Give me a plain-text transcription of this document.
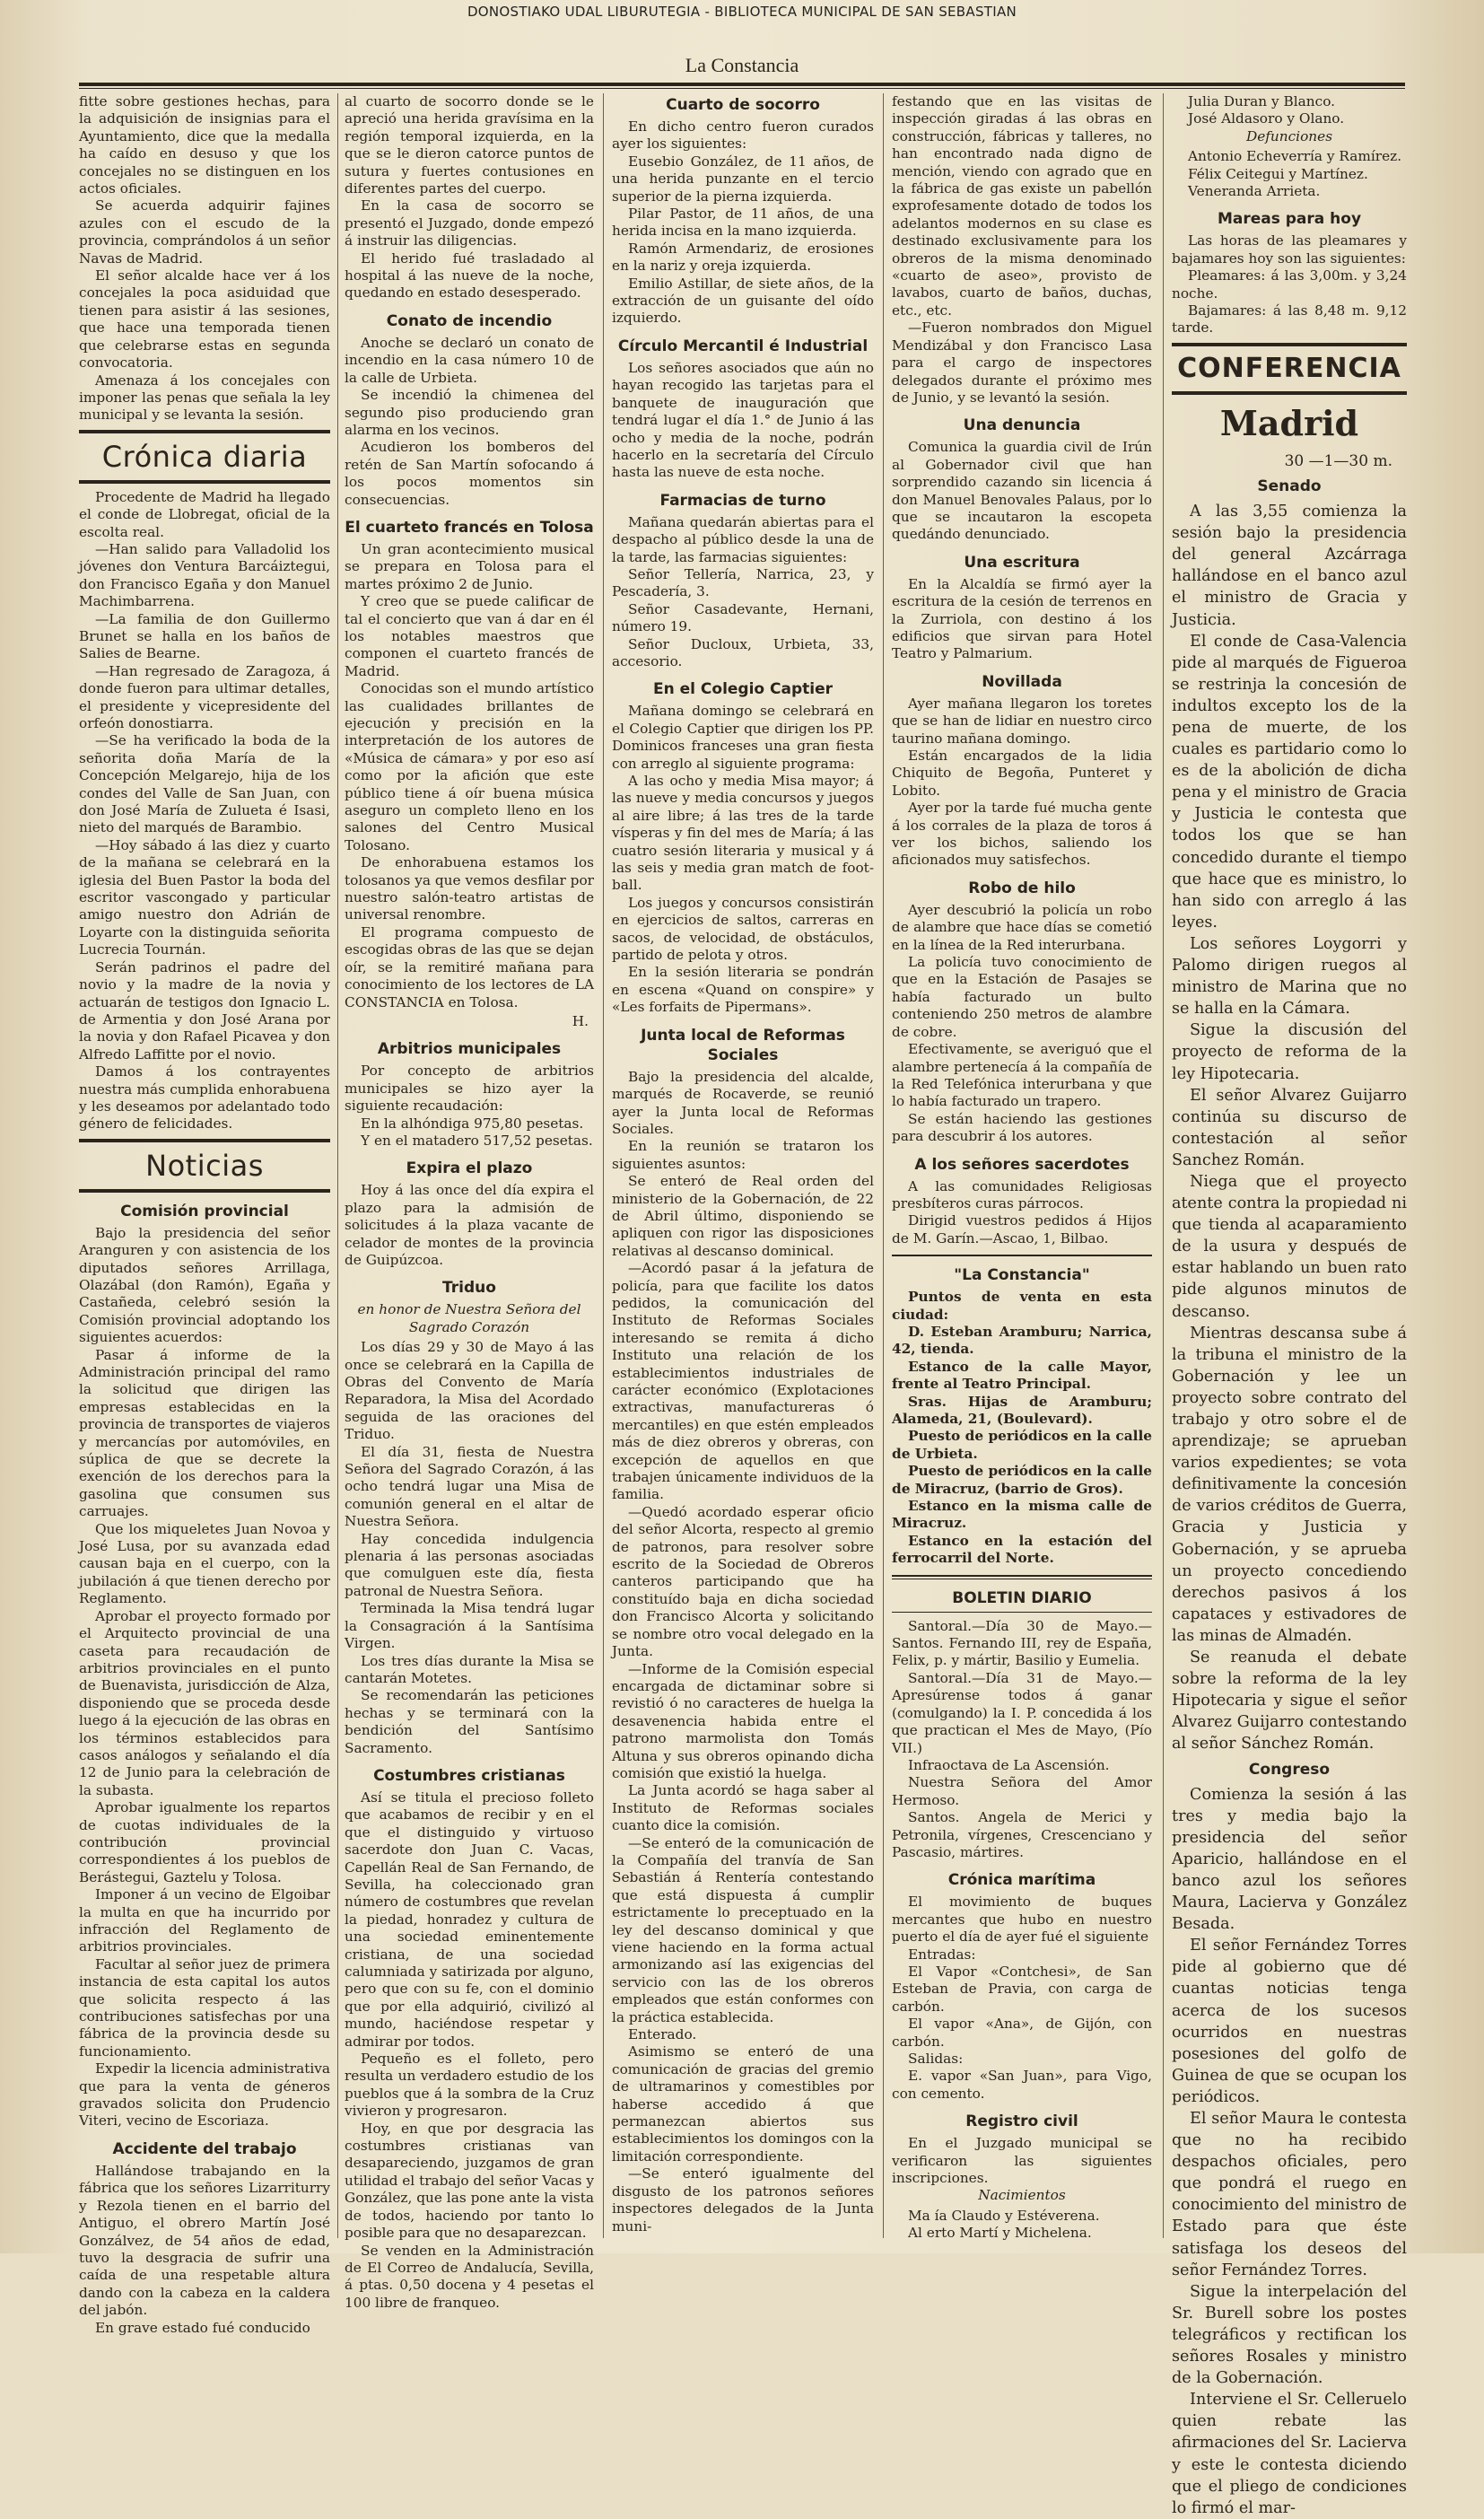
DONOSTIAKO UDAL LIBURUTEGIA - BIBLIOTECA MUNICIPAL DE SAN SEBASTIAN
La Constancia

fitte sobre gestiones hechas, para la adquisición de insignias para el Ayuntamiento, dice que la medalla ha caído en desuso y que los concejales no se distinguen en los actos oficiales.

Se acuerda adquirir fajines azules con el escudo de la provincia, comprándolos á un señor Navas de Madrid.

El señor alcalde hace ver á los concejales la poca asiduidad que tienen para asistir á las sesiones, que hace una temporada tienen que celebrarse estas en segunda convocatoria.

Amenaza á los concejales con imponer las penas que señala la ley municipal y se levanta la sesión.

Crónica diaria

Procedente de Madrid ha llegado el conde de Llobregat, oficial de la escolta real.

—Han salido para Valladolid los jóvenes don Ventura Barcáiztegui, don Francisco Egaña y don Manuel Machimbarrena.

—La familia de don Guillermo Brunet se halla en los baños de Salies de Bearne.

—Han regresado de Zaragoza, á donde fueron para ultimar detalles, el presidente y vicepresidente del orfeón donostiarra.

—Se ha verificado la boda de la señorita doña María de la Concepción Melgarejo, hija de los condes del Valle de San Juan, con don José María de Zulueta é Isasi, nieto del marqués de Barambio.

—Hoy sábado á las diez y cuarto de la mañana se celebrará en la iglesia del Buen Pastor la boda del escritor vascongado y particular amigo nuestro don Adrián de Loyarte con la distinguida señorita Lucrecia Tournán.

Serán padrinos el padre del novio y la madre de la novia y actuarán de testigos don Ignacio L. de Armentia y don José Arana por la novia y don Rafael Picavea y don Alfredo Laffitte por el novio.

Damos á los contrayentes nuestra más cumplida enhorabuena y les deseamos por adelantado todo género de felicidades.

Noticias
Comisión provincial

Bajo la presidencia del señor Aranguren y con asistencia de los diputados señores Arrillaga, Olazábal (don Ramón), Egaña y Castañeda, celebró sesión la Comisión provincial adoptando los siguientes acuerdos:

Pasar á informe de la Administración principal del ramo la solicitud que dirigen las empresas establecidas en la provincia de transportes de viajeros y mercancías por automóviles, en súplica de que se decrete la exención de los derechos para la gasolina que consumen sus carruajes.

Que los miqueletes Juan Novoa y José Lusa, por su avanzada edad causan baja en el cuerpo, con la jubilación á que tienen derecho por Reglamento.

Aprobar el proyecto formado por el Arquitecto provincial de una caseta para recaudación de arbitrios provinciales en el punto de Buenavista, jurisdicción de Alza, disponiendo que se proceda desde luego á la ejecución de las obras en los términos establecidos para casos análogos y señalando el día 12 de Junio para la celebración de la subasta.

Aprobar igualmente los repartos de cuotas individuales de la contribución provincial correspondientes á los pueblos de Berástegui, Gaztelu y Tolosa.

Imponer á un vecino de Elgoibar la multa en que ha incurrido por infracción del Reglamento de arbitrios provinciales.

Facultar al señor juez de primera instancia de esta capital los autos que solicita respecto á las contribuciones satisfechas por una fábrica de la provincia desde su funcionamiento.

Expedir la licencia administrativa que para la venta de géneros gravados solicita don Prudencio Viteri, vecino de Escoriaza.

Accidente del trabajo

Hallándose trabajando en la fábrica que los señores Lizarriturry y Rezola tienen en el barrio del Antiguo, el obrero Martín José Gonzálvez, de 54 años de edad, tuvo la desgracia de sufrir una caída de una respetable altura dando con la cabeza en la caldera del jabón.

En grave estado fué conducido

al cuarto de socorro donde se le apreció una herida gravísima en la región temporal izquierda, en la que se le dieron catorce puntos de sutura y fuertes contusiones en diferentes partes del cuerpo.

En la casa de socorro se presentó el Juzgado, donde empezó á instruir las diligencias.

El herido fué trasladado al hospital á las nueve de la noche, quedando en estado desesperado.

Conato de incendio

Anoche se declaró un conato de incendio en la casa número 10 de la calle de Urbieta.

Se incendió la chimenea del segundo piso produciendo gran alarma en los vecinos.

Acudieron los bomberos del retén de San Martín sofocando á los pocos momentos sin consecuencias.

El cuarteto francés en Tolosa

Un gran acontecimiento musical se prepara en Tolosa para el martes próximo 2 de Junio.

Y creo que se puede calificar de tal el concierto que van á dar en él los notables maestros que componen el cuarteto francés de Madrid.

Conocidas son el mundo artístico las cualidades brillantes de ejecución y precisión en la interpretación de los autores de «Música de cámara» y por eso así como por la afición que este público tiene á oír buena música aseguro un completo lleno en los salones del Centro Musical Tolosano.

De enhorabuena estamos los tolosanos ya que vemos desfilar por nuestro salón-teatro artistas de universal renombre.

El programa compuesto de escogidas obras de las que se dejan oír, se la remitiré mañana para conocimiento de los lectores de LA CONSTANCIA en Tolosa.

H.
Arbitrios municipales

Por concepto de arbitrios municipales se hizo ayer la siguiente recaudación:

En la alhóndiga 975,80 pesetas.

Y en el matadero 517,52 pesetas.

Expira el plazo

Hoy á las once del día expira el plazo para la admisión de solicitudes á la plaza vacante de celador de montes de la provincia de Guipúzcoa.

Triduo
en honor de Nuestra Señora del Sagrado Corazón

Los días 29 y 30 de Mayo á las once se celebrará en la Capilla de Obras del Convento de María Reparadora, la Misa del Acordado seguida de las oraciones del Triduo.

El día 31, fiesta de Nuestra Señora del Sagrado Corazón, á las ocho tendrá lugar una Misa de comunión general en el altar de Nuestra Señora.

Hay concedida indulgencia plenaria á las personas asociadas que comulguen este día, fiesta patronal de Nuestra Señora.

Terminada la Misa tendrá lugar la Consagración á la Santísima Virgen.

Los tres días durante la Misa se cantarán Motetes.

Se recomendarán las peticiones hechas y se terminará con la bendición del Santísimo Sacramento.

Costumbres cristianas

Así se titula el precioso folleto que acabamos de recibir y en el que el distinguido y virtuoso sacerdote don Juan C. Vacas, Capellán Real de San Fernando, de Sevilla, ha coleccionado gran número de costumbres que revelan la piedad, honradez y cultura de una sociedad eminentemente cristiana, de una sociedad calumniada y satirizada por alguno, pero que con su fe, con el dominio que por ella adquirió, civilizó al mundo, haciéndose respetar y admirar por todos.

Pequeño es el folleto, pero resulta un verdadero estudio de los pueblos que á la sombra de la Cruz vivieron y progresaron.

Hoy, en que por desgracia las costumbres cristianas van desapareciendo, juzgamos de gran utilidad el trabajo del señor Vacas y González, que las pone ante la vista de todos, haciendo por tanto lo posible para que no desaparezcan.

Se venden en la Administración de El Correo de Andalucía, Sevilla, á ptas. 0,50 docena y 4 pesetas el 100 libre de franqueo.

Cuarto de socorro

En dicho centro fueron curados ayer los siguientes:

Eusebio González, de 11 años, de una herida punzante en el tercio superior de la pierna izquierda.

Pilar Pastor, de 11 años, de una herida incisa en la mano izquierda.

Ramón Armendariz, de erosiones en la nariz y oreja izquierda.

Emilio Astillar, de siete años, de la extracción de un guisante del oído izquierdo.

Círculo Mercantil é Industrial

Los señores asociados que aún no hayan recogido las tarjetas para el banquete de inauguración que tendrá lugar el día 1.° de Junio á las ocho y media de la noche, podrán hacerlo en la secretaría del Círculo hasta las nueve de esta noche.

Farmacias de turno

Mañana quedarán abiertas para el despacho al público desde la una de la tarde, las farmacias siguientes:

Señor Tellería, Narrica, 23, y Pescadería, 3.

Señor Casadevante, Hernani, número 19.

Señor Ducloux, Urbieta, 33, accesorio.

En el Colegio Captier

Mañana domingo se celebrará en el Colegio Captier que dirigen los PP. Dominicos franceses una gran fiesta con arreglo al siguiente programa:

A las ocho y media Misa mayor; á las nueve y media concursos y juegos al aire libre; á las tres de la tarde vísperas y fin del mes de María; á las cuatro sesión literaria y musical y á las seis y media gran match de foot-ball.

Los juegos y concursos consistirán en ejercicios de saltos, carreras en sacos, de velocidad, de obstáculos, partido de pelota y otros.

En la sesión literaria se pondrán en escena «Quand on conspire» y «Les forfaits de Pipermans».

Junta local de Reformas Sociales

Bajo la presidencia del alcalde, marqués de Rocaverde, se reunió ayer la Junta local de Reformas Sociales.

En la reunión se trataron los siguientes asuntos:

Se enteró de Real orden del ministerio de la Gobernación, de 22 de Abril último, disponiendo se apliquen con rigor las disposiciones relativas al descanso dominical.

—Acordó pasar á la jefatura de policía, para que facilite los datos pedidos, la comunicación del Instituto de Reformas Sociales interesando se remita á dicho Instituto una relación de los establecimientos industriales de carácter económico (Explotaciones extractivas, manufactureras ó mercantiles) en que estén empleados más de diez obreros y obreras, con excepción de aquellos en que trabajen únicamente individuos de la familia.

—Quedó acordado esperar oficio del señor Alcorta, respecto al gremio de patronos, para resolver sobre escrito de la Sociedad de Obreros canteros participando que ha constituído baja en dicha sociedad don Francisco Alcorta y solicitando se nombre otro vocal delegado en la Junta.

—Informe de la Comisión especial encargada de dictaminar sobre si revistió ó no caracteres de huelga la desavenencia habida entre el patrono marmolista don Tomás Altuna y sus obreros opinando dicha comisión que existió la huelga.

La Junta acordó se haga saber al Instituto de Reformas sociales cuanto dice la comisión.

—Se enteró de la comunicación de la Compañía del tranvía de San Sebastián á Rentería contestando que está dispuesta á cumplir estrictamente lo preceptuado en la ley del descanso dominical y que viene haciendo en la forma actual armonizando así las exigencias del servicio con las de los obreros empleados que están conformes con la práctica establecida.

Enterado.

Asimismo se enteró de una comunicación de gracias del gremio de ultramarinos y comestibles por haberse accedido á que permanezcan abiertos sus establecimientos los domingos con la limitación correspondiente.

—Se enteró igualmente del disgusto de los patronos señores inspectores delegados de la Junta muni-

festando que en las visitas de inspección giradas á las obras en construcción, fábricas y talleres, no han encontrado nada digno de mención, viendo con agrado que en la fábrica de gas existe un pabellón exprofesamente dotado de todos los adelantos modernos en su clase es destinado exclusivamente para los obreros de la misma denominado «cuarto de aseo», provisto de lavabos, cuarto de baños, duchas, etc., etc.

—Fueron nombrados don Miguel Mendizábal y don Francisco Lasa para el cargo de inspectores delegados durante el próximo mes de Junio, y se levantó la sesión.

Una denuncia

Comunica la guardia civil de Irún al Gobernador civil que han sorprendido cazando sin licencia á don Manuel Benovales Palaus, por lo que se incautaron la escopeta quedándo denunciado.

Una escritura

En la Alcaldía se firmó ayer la escritura de la cesión de terrenos en la Zurriola, con destino á los edificios que sirvan para Hotel Teatro y Palmarium.

Novillada

Ayer mañana llegaron los toretes que se han de lidiar en nuestro circo taurino mañana domingo.

Están encargados de la lidia Chiquito de Begoña, Punteret y Lobito.

Ayer por la tarde fué mucha gente á los corrales de la plaza de toros á ver los bichos, saliendo los aficionados muy satisfechos.

Robo de hilo

Ayer descubrió la policía un robo de alambre que hace días se cometió en la línea de la Red interurbana.

La policía tuvo conocimiento de que en la Estación de Pasajes se había facturado un bulto conteniendo 250 metros de alambre de cobre.

Efectivamente, se averiguó que el alambre pertenecía á la compañía de la Red Telefónica interurbana y que lo había facturado un trapero.

Se están haciendo las gestiones para descubrir á los autores.

A los señores sacerdotes

A las comunidades Religiosas presbíteros curas párrocos.

Dirigid vuestros pedidos á Hijos de M. Garín.—Ascao, 1, Bilbao.

"La Constancia"

Puntos de venta en esta ciudad:

D. Esteban Aramburu; Narrica, 42, tienda.

Estanco de la calle Mayor, frente al Teatro Principal.

Sras. Hijas de Aramburu; Alameda, 21, (Boulevard).

Puesto de periódicos en la calle de Urbieta.

Puesto de periódicos en la calle de Miracruz, (barrio de Gros).

Estanco en la misma calle de Miracruz.

Estanco en la estación del ferrocarril del Norte.

BOLETIN DIARIO

Santoral.—Día 30 de Mayo.—Santos. Fernando III, rey de España, Felix, p. y mártir, Basilio y Eumelia.

Santoral.—Día 31 de Mayo.—Apresúrense todos á ganar (comulgando) la I. P. concedida á los que practican el Mes de Mayo, (Pío VII.)

Infraoctava de La Ascensión.

Nuestra Señora del Amor Hermoso.

Santos. Angela de Merici y Petronila, vírgenes, Crescenciano y Pascasio, mártires.

Crónica marítima

El movimiento de buques mercantes que hubo en nuestro puerto el día de ayer fué el siguiente

Entradas:

El Vapor «Contchesi», de San Esteban de Pravia, con carga de carbón.

El vapor «Ana», de Gijón, con carbón.

Salidas:

E. vapor «San Juan», para Vigo, con cemento.

Registro civil

En el Juzgado municipal se verificaron las siguientes inscripciones.

Nacimientos

Ma ía Claudo y Estéverena.

Al erto Martí y Michelena.

Julia Duran y Blanco.

José Aldasoro y Olano.

Defunciones

Antonio Echeverría y Ramírez.

Félix Ceitegui y Martínez.

Venerandа Arrieta.

Mareas para hoy

Las horas de las pleamares y bajamares hoy son las siguientes:

Pleamares: á las 3,00m. y 3,24 noche.

Bajamares: á las 8,48 m. 9,12 tarde.

CONFERENCIA
Madrid
30 —1—30 m.
Senado

A las 3,55 comienza la sesión bajo la presidencia del general Azcárraga hallándose en el banco azul el ministro de Gracia y Justicia.

El conde de Casa-Valencia pide al marqués de Figueroa se restrinja la concesión de indultos excepto los de la pena de muerte, de los cuales es partidario como lo es de la abolición de dicha pena y el ministro de Gracia y Justicia le contesta que todos los que se han concedido durante el tiempo que hace que es ministro, lo han sido con arreglo á las leyes.

Los señores Loygorri y Palomo dirigen ruegos al ministro de Marina que no se halla en la Cámara.

Sigue la discusión del proyecto de reforma de la ley Hipotecaria.

El señor Alvarez Guijarro continúa su discurso de contestación al señor Sanchez Román.

Niega que el proyecto atente contra la propiedad ni que tienda al acaparamiento de la usura y después de estar hablando un buen rato pide algunos minutos de descanso.

Mientras descansa sube á la tribuna el ministro de la Gobernación y lee un proyecto sobre contrato del trabajo y otro sobre el de aprendizaje; se aprueban varios expedientes; se vota definitivamente la concesión de varios créditos de Guerra, Gracia y Justicia y Gobernación, y se aprueba un proyecto concediendo derechos pasivos á los capataces y estivadores de las minas de Almadén.

Se reanuda el debate sobre la reforma de la ley Hipotecaria y sigue el señor Alvarez Guijarro contestando al señor Sánchez Román.

Congreso

Comienza la sesión á las tres y media bajo la presidencia del señor Aparicio, hallándose en el banco azul los señores Maura, Lacierva y González Besada.

El señor Fernández Torres pide al gobierno que dé cuantas noticias tenga acerca de los sucesos ocurridos en nuestras posesiones del golfo de Guinea de que se ocupan los periódicos.

El señor Maura le contesta que no ha recibido despachos oficiales, pero que pondrá el ruego en conocimiento del ministro de Estado para que éste satisfaga los deseos del señor Fernández Torres.

Sigue la interpelación del Sr. Burell sobre los postes telegráficos y rectifican los señores Rosales y ministro de la Gobernación.

Interviene el Sr. Celleruelo quien rebate las afirmaciones del Sr. Lacierva y este le contesta diciendo que el pliego de condiciones lo firmó el mar-
